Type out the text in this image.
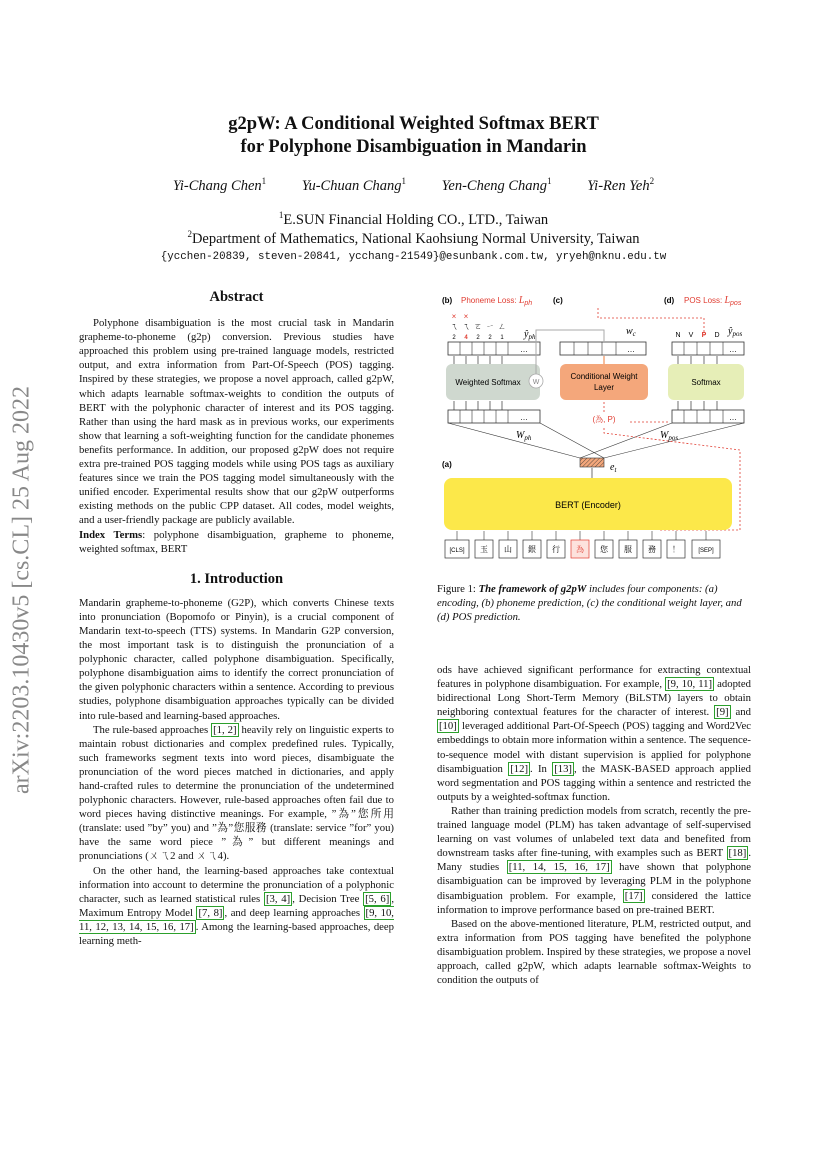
arXiv:2203.10430v5 [cs.CL] 25 Aug 2022
g2pW: A Conditional Weighted Softmax BERT
for Polyphone Disambiguation in Mandarin
Yi-Chang Chen$^1$ Yu-Chuan Chang$^1$ Yen-Cheng Chang$^1$ Yi-Ren Yeh$^2$
$^1$E.SUN Financial Holding CO., LTD., Taiwan
$^2$Department of Mathematics, National Kaohsiung Normal University, Taiwan
{ycchen-20839, steven-20841, ycchang-21549}@esunbank.com.tw, yryeh@nknu.edu.tw
Abstract

Polyphone disambiguation is the most crucial task in Mandarin grapheme-to-phoneme (g2p) conversion. Previous studies have approached this problem using pre-trained language models, restricted output, and extra information from Part-Of-Speech (POS) tagging. Inspired by these strategies, we propose a novel approach, called g2pW, which adapts learnable softmax-weights to condition the outputs of BERT with the polyphonic character of interest and its POS tagging. Rather than using the hard mask as in previous works, our experiments show that learning a soft-weighting function for the candidate phonemes benefits performance. In addition, our proposed g2pW does not require extra pre-trained POS tagging models while using POS tags as auxiliary features since we train the POS tagging model simultaneously with the unified encoder. Experimental results show that our g2pW outperforms existing methods on the public CPP dataset. All codes, model weights, and a user-friendly package are publicly available.

Index Terms: polyphone disambiguation, grapheme to phoneme, weighted softmax, BERT

1. Introduction

Mandarin grapheme-to-phoneme (G2P), which converts Chinese texts into pronunciation (Bopomofo or Pinyin), is a crucial component of Mandarin text-to-speech (TTS) systems. In Mandarin G2P conversion, the most important task is to distinguish the pronunciation of a polyphonic character, called polyphone disambiguation. Specifically, polyphone disambiguation aims to identify the correct pronunciation of the given polyphonic characters within a sentence. According to previous studies, polyphone disambiguation approaches typically can be divided into rule-based and learning-based approaches.

The rule-based approaches [1, 2] heavily rely on linguistic experts to maintain robust dictionaries and complex predefined rules. Typically, such frameworks segment texts into word pieces, disambiguate the pronunciation of the word pieces matched in dictionaries, and apply hand-crafted rules to determine the pronunciation of the undetermined polyphonic characters. However, rule-based approaches often fail due to word pieces having distinctive meanings. For example, ”為”您所用 (translate: used ”by” you) and ”為”您服務 (translate: service ”for” you) have the same word piece ”為” but different meanings and pronunciations (ㄨㄟ2 and ㄨㄟ4).

On the other hand, the learning-based approaches take contextual information into account to determine the pronunciation of a polyphonic character, such as learned statistical rules [3, 4] , Decision Tree [5, 6] , Maximum Entropy Model [7, 8] , and deep learning approaches [9, 10, 11, 12, 13, 14, 15, 16, 17] . Among the learning-based approaches, deep learning meth-

(b)	(c)	(d)
(a)
Phoneme Loss: Lph	POS Loss: Lpos
× ×
ㄟ ㄟ ㄛ ㄧ ㄥ
2 4 2 2 1 $ŷ_{ph}$	$w_c$	$ŷ_{pos}$
N V P D
…	…	…
Weighted Softmax W
Conditional Weight
Layer
Softmax
…	…
(為, P)
$W_{ph}$	$W_{pos}$
$e_t$
BERT (Encoder)
[CLS] 玉 山 銀 行 為 您 服 務 ！	[SEP]
Figure 1: The framework of g2pW includes four components: (a) encoding, (b) phoneme prediction, (c) the conditional weight layer, and (d) POS prediction.

ods have achieved significant performance for extracting contextual features in polyphone disambiguation. For example, [9, 10, 11] adopted bidirectional Long Short-Term Memory (BiLSTM) layers to obtain neighboring contextual features for the character of interest. [9] and [10] leveraged additional Part-Of-Speech (POS) tagging and Word2Vec embeddings to obtain more information within a sentence. The sequence-to-sequence model with distant supervision is applied for polyphone disambiguation [12] . In [13] , the MASK-BASED approach applied word segmentation and POS tagging within a sentence and restricted the outputs by a weighted-softmax function.

Rather than training prediction models from scratch, recently the pre-trained language model (PLM) has taken advantage of self-supervised learning on vast volumes of unlabeled text data and benefited from downstream tasks after fine-tuning, with examples such as BERT [18] . Many studies [11, 14, 15, 16, 17] have shown that polyphone disambiguation can be improved by leveraging PLM in the polyphone disambiguation problem. For example, [17] considered the lattice information to improve performance based on pre-trained BERT.

Based on the above-mentioned literature, PLM, restricted output, and extra information from POS tagging have benefited the polyphone disambiguation problem. Inspired by these strategies, we propose a novel approach, called g2pW, which adapts learnable softmax-Weights to condition the outputs of
